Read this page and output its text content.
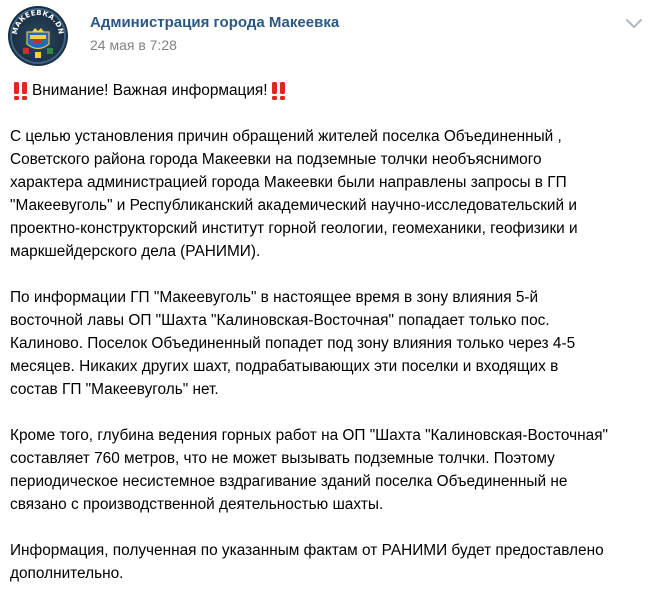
МАКЕЕВКА.DN
Администрация города Макеевка
24 мая в 7:28

Внимание! Важная информация!

С целью установления причин обращений жителей поселка Объединенный ,
Советского района города Макеевки на подземные толчки необъяснимого
характера администрацией города Макеевки были направлены запросы в ГП
"Макеевуголь" и Республиканский академический научно-исследовательский и
проектно-конструкторский институт горной геологии, геомеханики, геофизики и
маркшейдерского дела (РАНИМИ).

По информации ГП "Макеевуголь" в настоящее время в зону влияния 5-й
восточной лавы ОП "Шахта "Калиновская-Восточная" попадает только пос.
Калиново. Поселок Объединенный попадет под зону влияния только через 4-5
месяцев. Никаких других шахт, подрабатывающих эти поселки и входящих в
состав ГП "Макеевуголь" нет.

Кроме того, глубина ведения горных работ на ОП "Шахта "Калиновская-Восточная"
составляет 760 метров, что не может вызывать подземные толчки. Поэтому
периодическое несистемное вздрагивание зданий поселка Объединенный не
связано с производственной деятельностью шахты.

Информация, полученная по указанным фактам от РАНИМИ будет предоставлено
дополнительно.
